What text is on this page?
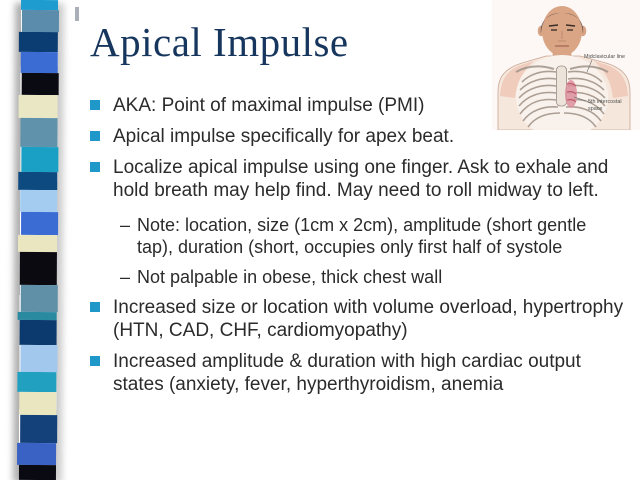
Apical Impulse	Midclavicular line
5th intercostal
space
AKA: Point of maximal impulse (PMI)
Apical impulse specifically for apex beat.
Localize apical impulse using one finger. Ask to exhale and hold breath may help find. May need to roll midway to left.
– Note: location, size (1cm x 2cm), amplitude (short gentle tap), duration (short, occupies only first half of systole
– Not palpable in obese, thick chest wall
Increased size or location with volume overload, hypertrophy (HTN, CAD, CHF, cardiomyopathy)
Increased amplitude & duration with high cardiac output states (anxiety, fever, hyperthyroidism, anemia
